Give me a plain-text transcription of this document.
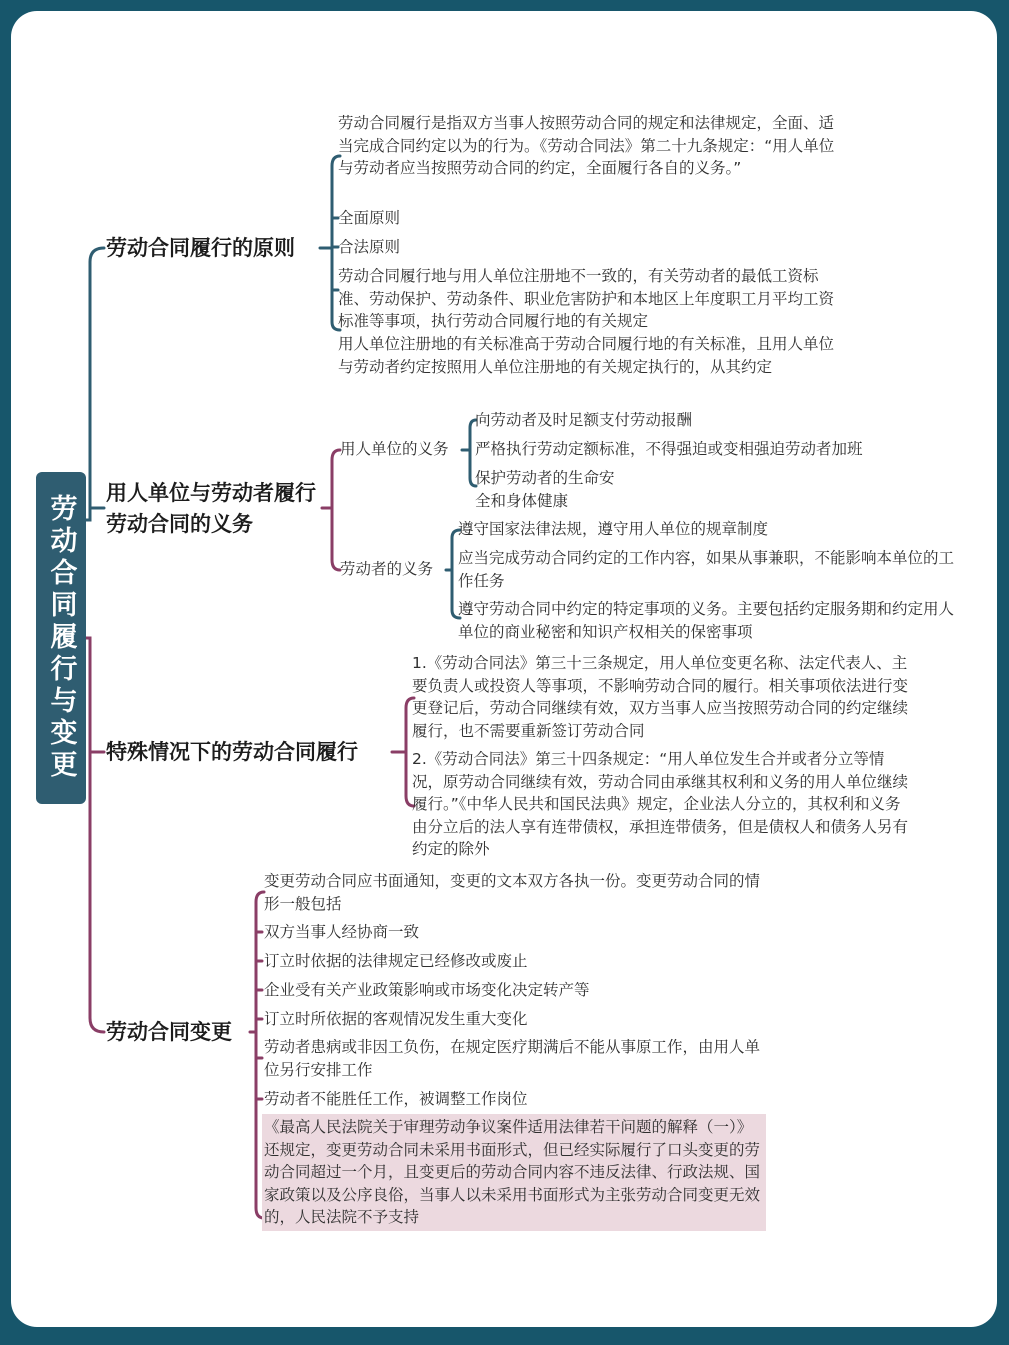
劳动合同履行与变更
劳动合同履行的原则
劳动合同履行是指双方当事人按照劳动合同的规定和法律规定，全面、适当完成合同约定以为的行为。《劳动合同法》第二十九条规定：“用人单位与劳动者应当按照劳动合同的约定，全面履行各自的义务。”
全面原则
合法原则
劳动合同履行地与用人单位注册地不一致的，有关劳动者的最低工资标准、劳动保护、劳动条件、职业危害防护和本地区上年度职工月平均工资标准等事项，执行劳动合同履行地的有关规定
用人单位注册地的有关标准高于劳动合同履行地的有关标准，且用人单位与劳动者约定按照用人单位注册地的有关规定执行的，从其约定
用人单位与劳动者履行劳动合同的义务
用人单位的义务
向劳动者及时足额支付劳动报酬
严格执行劳动定额标准，不得强迫或变相强迫劳动者加班
保护劳动者的生命安全和身体健康
劳动者的义务
遵守国家法律法规，遵守用人单位的规章制度
应当完成劳动合同约定的工作内容，如果从事兼职，不能影响本单位的工作任务
遵守劳动合同中约定的特定事项的义务。主要包括约定服务期和约定用人单位的商业秘密和知识产权相关的保密事项
特殊情况下的劳动合同履行
1.《劳动合同法》第三十三条规定，用人单位变更名称、法定代表人、主要负责人或投资人等事项，不影响劳动合同的履行。相关事项依法进行变更登记后，劳动合同继续有效，双方当事人应当按照劳动合同的约定继续履行，也不需要重新签订劳动合同
2.《劳动合同法》第三十四条规定：“用人单位发生合并或者分立等情况，原劳动合同继续有效，劳动合同由承继其权利和义务的用人单位继续履行。”《中华人民共和国民法典》规定，企业法人分立的，其权利和义务由分立后的法人享有连带债权，承担连带债务，但是债权人和债务人另有约定的除外
劳动合同变更
变更劳动合同应书面通知，变更的文本双方各执一份。变更劳动合同的情形一般包括
双方当事人经协商一致
订立时依据的法律规定已经修改或废止
企业受有关产业政策影响或市场变化决定转产等
订立时所依据的客观情况发生重大变化
劳动者患病或非因工负伤，在规定医疗期满后不能从事原工作，由用人单位另行安排工作
劳动者不能胜任工作，被调整工作岗位
《最高人民法院关于审理劳动争议案件适用法律若干问题的解释（一）》还规定，变更劳动合同未采用书面形式，但已经实际履行了口头变更的劳动合同超过一个月，且变更后的劳动合同内容不违反法律、行政法规、国家政策以及公序良俗，当事人以未采用书面形式为主张劳动合同变更无效的，人民法院不予支持
